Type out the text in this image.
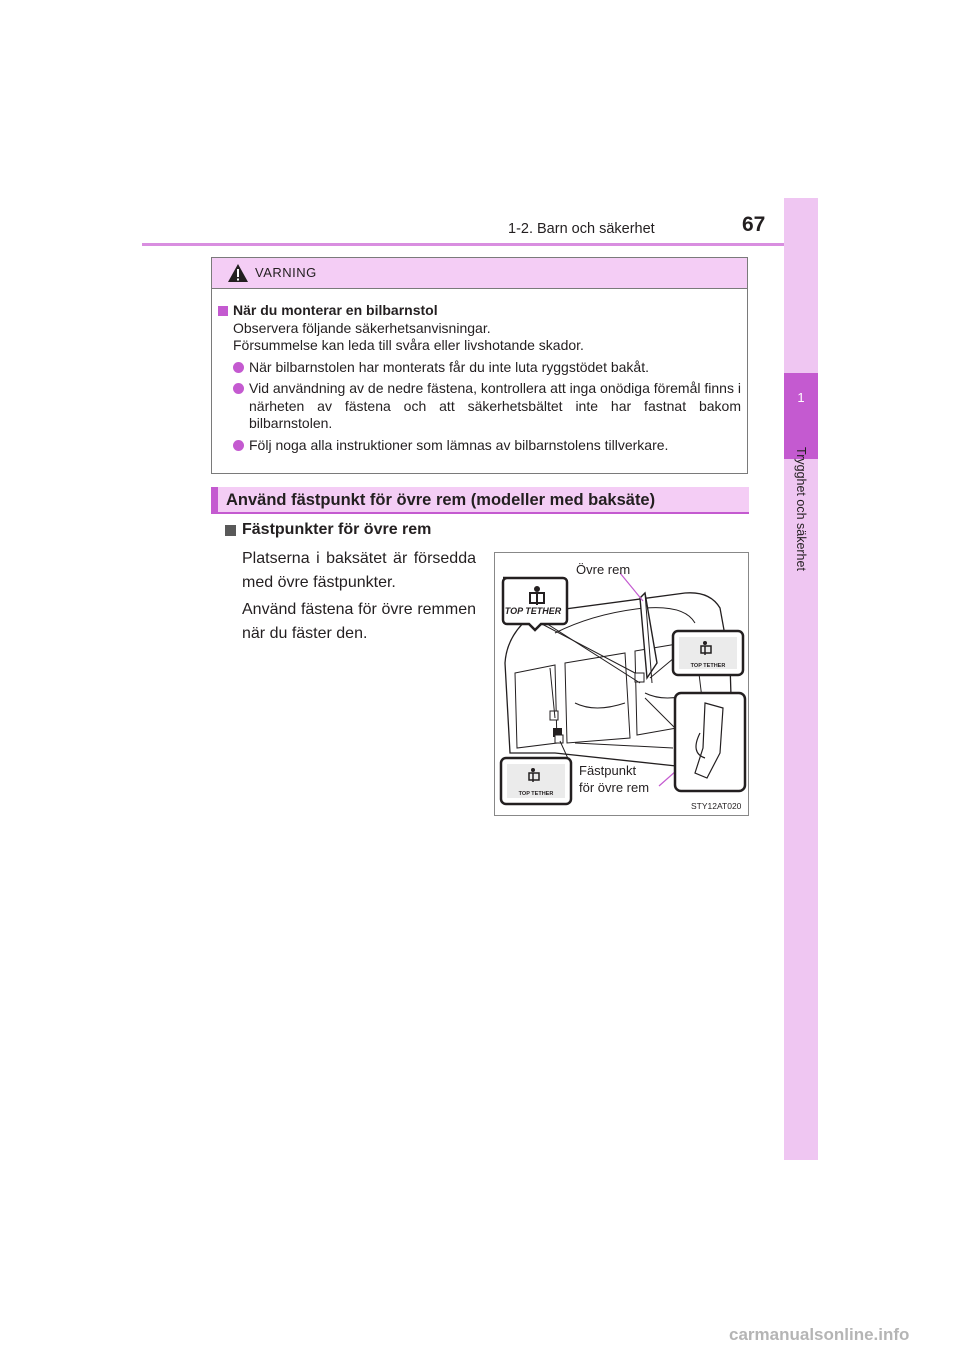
1-2. Barn och säkerhet	67
1
Trygghet och säkerhet
VARNING
När du monterar en bilbarnstol
Observera följande säkerhetsanvisningar.
Försummelse kan leda till svåra eller livshotande skador.
När bilbarnstolen har monterats får du inte luta ryggstödet bakåt.
Vid användning av de nedre fästena, kontrollera att inga onödiga föremål finns i närheten av fästena och att säkerhetsbältet inte har fastnat bakom bilbarnstolen.
Följ noga alla instruktioner som lämnas av bilbarnstolens tillverkare.
Använd fästpunkt för övre rem (modeller med baksäte)
Fästpunkter för övre rem
Platserna i baksätet är försedda med övre fästpunkter.
Använd fästena för övre remmen när du fäster den.
TOP TETHER
TOP TETHER
TOP TETHER
Övre rem
Fästpunkt
för övre rem
STY12AT020
carmanualsonline.info
